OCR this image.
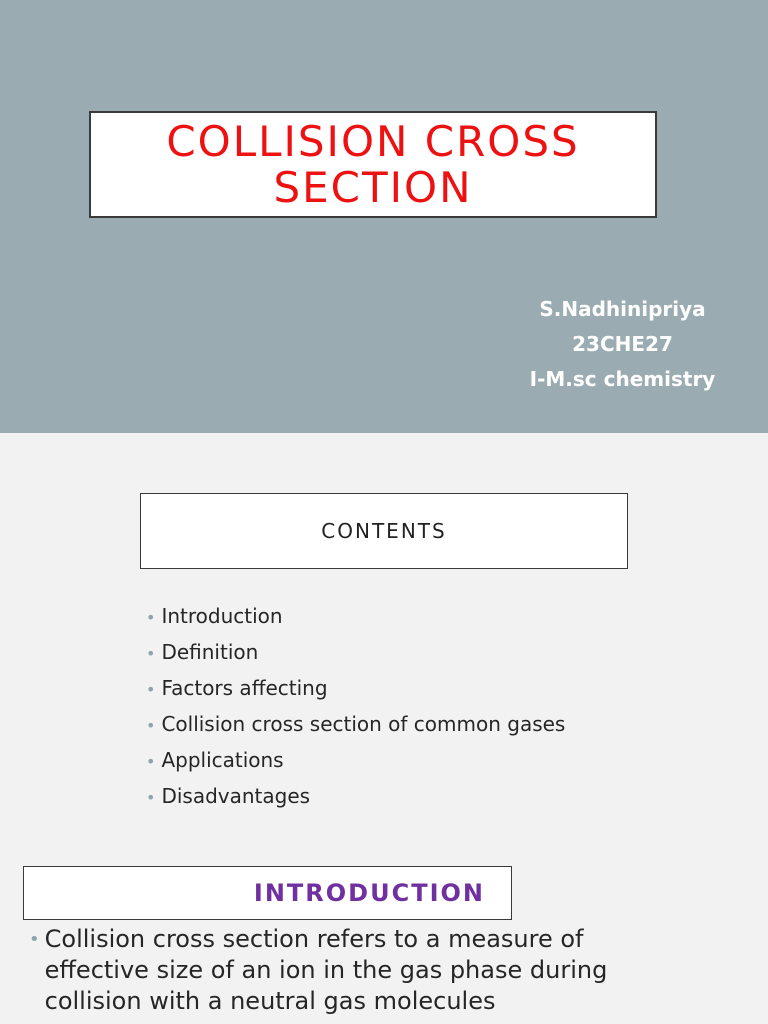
COLLISION CROSS
SECTION
S.Nadhinipriya
23CHE27
I-M.sc chemistry
CONTENTS
• Introduction
• Definition
• Factors affecting
• Collision cross section of common gases
• Applications
• Disadvantages
INTRODUCTION
• Collision cross section refers to a measure of effective size of an ion in the gas phase during collision with a neutral gas molecules
